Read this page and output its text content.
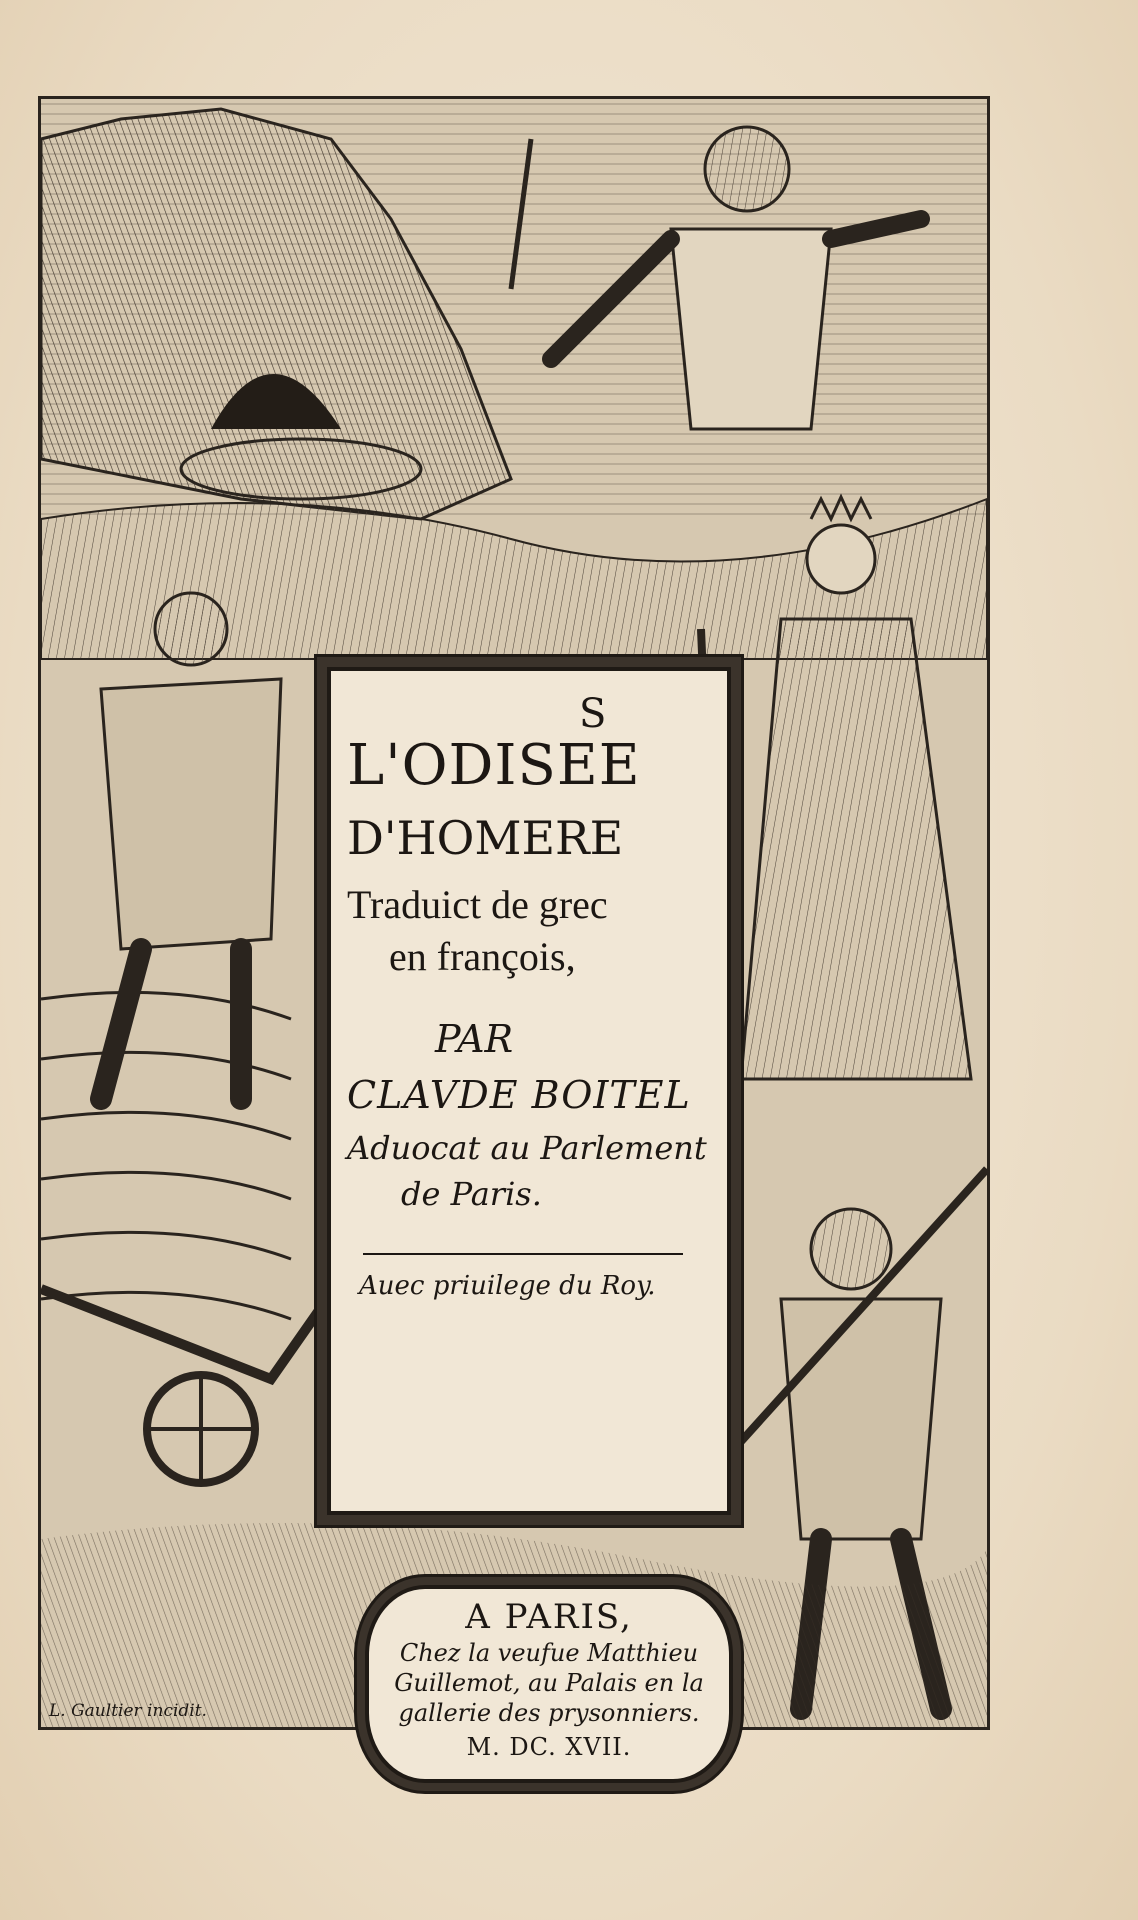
S
L'ODISEE
D'HOMERE
Traduict de grec
en françois,
PAR
CLAVDE BOITEL
Aduocat au Parlement
de Paris.
Auec priuilege du Roy.
A PARIS,
Chez la veufue Matthieu
Guillemot, au Palais en la
gallerie des prysonniers.
M. DC. XVII.
L. Gaultier incidit.
